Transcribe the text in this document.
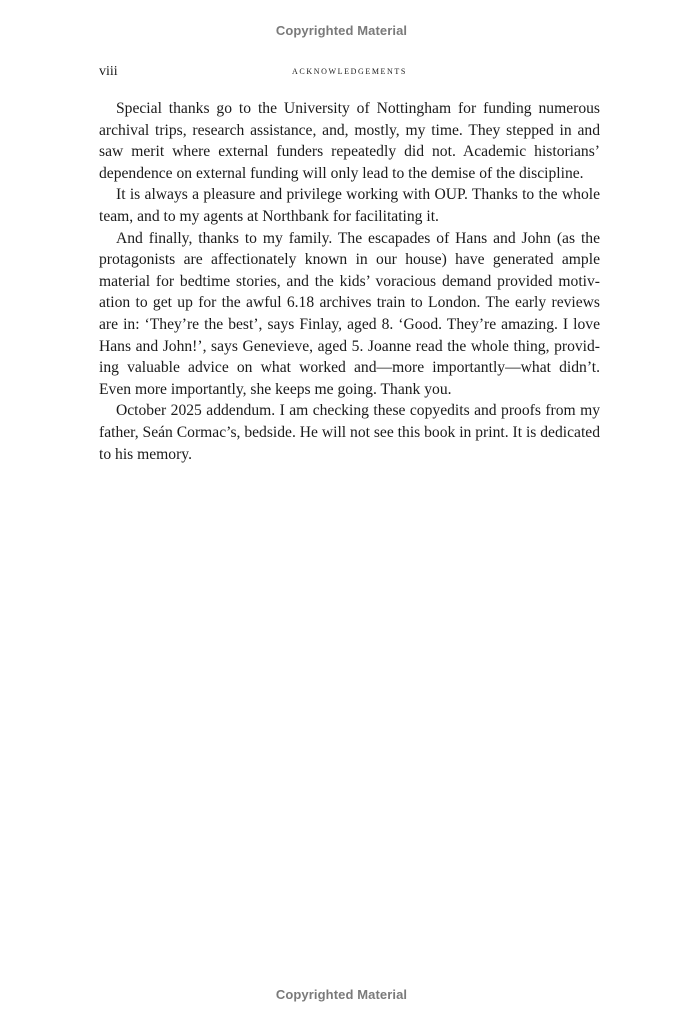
Copyrighted Material
viii	acknowledgements

Special thanks go to the University of Nottingham for funding numerous archival trips, research assistance, and, mostly, my time. They stepped in and saw merit where external funders repeatedly did not. Academic historians’ dependence on external funding will only lead to the demise of the discipline.

It is always a pleasure and privilege working with OUP. Thanks to the whole team, and to my agents at Northbank for facilitating it.

And finally, thanks to my family. The escapades of Hans and John (as the protagonists are affectionately known in our house) have generated ample material for bedtime stories, and the kids’ voracious demand provided motivation to get up for the awful 6.18 archives train to London. The early reviews are in: ‘They’re the best’, says Finlay, aged 8. ‘Good. They’re amazing. I love Hans and John!’, says Genevieve, aged 5. Joanne read the whole thing, providing valuable advice on what worked and—more importantly—what didn’t. Even more importantly, she keeps me going. Thank you.

October 2025 addendum. I am checking these copyedits and proofs from my father, Seán Cormac’s, bedside. He will not see this book in print. It is dedicated to his memory.

Copyrighted Material
